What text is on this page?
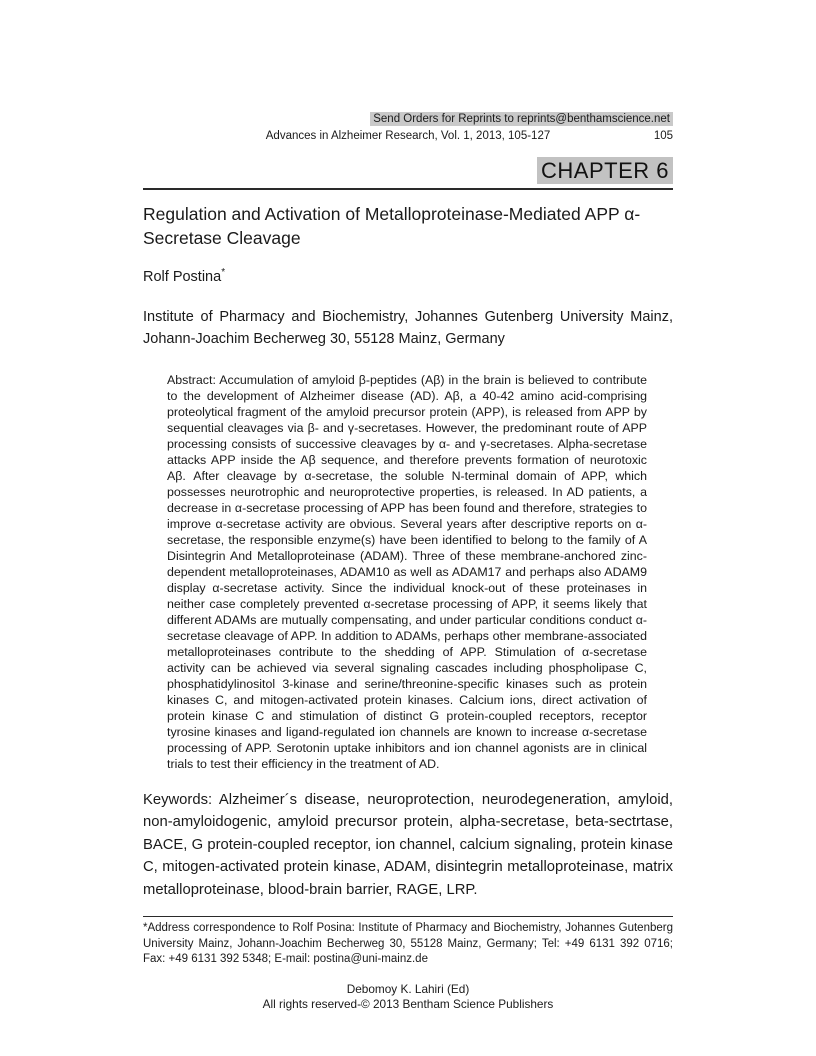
Send Orders for Reprints to reprints@benthamscience.net
Advances in Alzheimer Research, Vol. 1, 2013, 105-127	105
CHAPTER 6
Regulation and Activation of Metalloproteinase-Mediated APP α-Secretase Cleavage
Rolf Postina*
Institute of Pharmacy and Biochemistry, Johannes Gutenberg University Mainz, Johann-Joachim Becherweg 30, 55128 Mainz, Germany

Abstract: Accumulation of amyloid β-peptides (Aβ) in the brain is believed to contribute to the development of Alzheimer disease (AD). Aβ, a 40-42 amino acid-comprising proteolytical fragment of the amyloid precursor protein (APP), is released from APP by sequential cleavages via β- and γ-secretases. However, the predominant route of APP processing consists of successive cleavages by α- and γ-secretases. Alpha-secretase attacks APP inside the Aβ sequence, and therefore prevents formation of neurotoxic Aβ. After cleavage by α-secretase, the soluble N-terminal domain of APP, which possesses neurotrophic and neuroprotective properties, is released. In AD patients, a decrease in α-secretase processing of APP has been found and therefore, strategies to improve α-secretase activity are obvious. Several years after descriptive reports on α-secretase, the responsible enzyme(s) have been identified to belong to the family of A Disintegrin And Metalloproteinase (ADAM). Three of these membrane-anchored zinc-dependent metalloproteinases, ADAM10 as well as ADAM17 and perhaps also ADAM9 display α-secretase activity. Since the individual knock-out of these proteinases in neither case completely prevented α-secretase processing of APP, it seems likely that different ADAMs are mutually compensating, and under particular conditions conduct α-secretase cleavage of APP. In addition to ADAMs, perhaps other membrane-associated metalloproteinases contribute to the shedding of APP. Stimulation of α-secretase activity can be achieved via several signaling cascades including phospholipase C, phosphatidylinositol 3-kinase and serine/threonine-specific kinases such as protein kinases C, and mitogen-activated protein kinases. Calcium ions, direct activation of protein kinase C and stimulation of distinct G protein-coupled receptors, receptor tyrosine kinases and ligand-regulated ion channels are known to increase α-secretase processing of APP. Serotonin uptake inhibitors and ion channel agonists are in clinical trials to test their efficiency in the treatment of AD.

Keywords: Alzheimer´s disease, neuroprotection, neurodegeneration, amyloid, non-amyloidogenic, amyloid precursor protein, alpha-secretase, beta-sectrtase, BACE, G protein-coupled receptor, ion channel, calcium signaling, protein kinase C, mitogen-activated protein kinase, ADAM, disintegrin metalloproteinase, matrix metalloproteinase, blood-brain barrier, RAGE, LRP.

*Address correspondence to Rolf Posina: Institute of Pharmacy and Biochemistry, Johannes Gutenberg University Mainz, Johann-Joachim Becherweg 30, 55128 Mainz, Germany; Tel: +49 6131 392 0716; Fax: +49 6131 392 5348; E-mail: postina@uni-mainz.de

Debomoy K. Lahiri (Ed)
All rights reserved-© 2013 Bentham Science Publishers
